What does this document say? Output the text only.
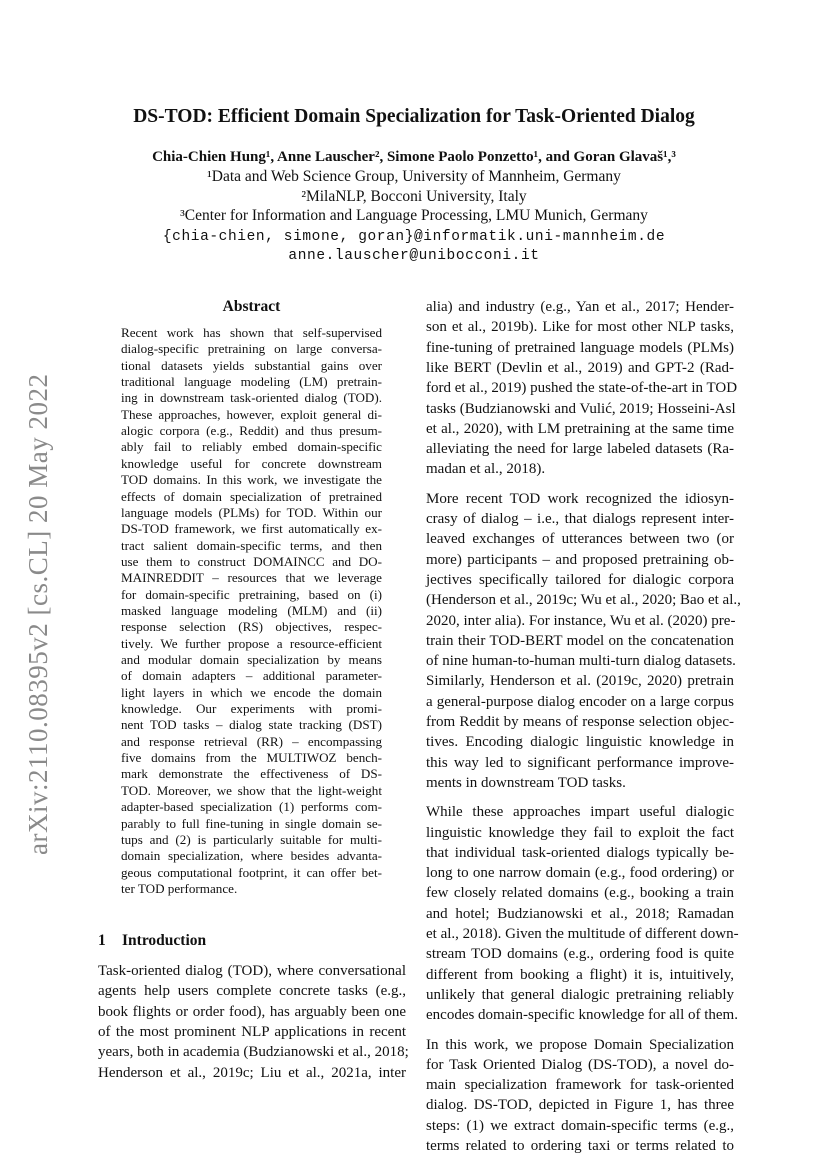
DS-TOD: Efficient Domain Specialization for Task-Oriented Dialog
Chia-Chien Hung¹, Anne Lauscher², Simone Paolo Ponzetto¹, and Goran Glavaš¹,³
¹Data and Web Science Group, University of Mannheim, Germany
²MilaNLP, Bocconi University, Italy
³Center for Information and Language Processing, LMU Munich, Germany
{chia-chien, simone, goran}@informatik.uni-mannheim.de
anne.lauscher@unibocconi.it
arXiv:2110.08395v2 [cs.CL] 20 May 2022
Abstract
Recent work has shown that self-supervised
dialog-specific pretraining on large conversa-
tional datasets yields substantial gains over
traditional language modeling (LM) pretrain-
ing in downstream task-oriented dialog (TOD).
These approaches, however, exploit general di-
alogic corpora (e.g., Reddit) and thus presum-
ably fail to reliably embed domain-specific
knowledge useful for concrete downstream
TOD domains. In this work, we investigate the
effects of domain specialization of pretrained
language models (PLMs) for TOD. Within our
DS-TOD framework, we first automatically ex-
tract salient domain-specific terms, and then
use them to construct DOMAINCC and DO-
MAINREDDIT – resources that we leverage
for domain-specific pretraining, based on (i)
masked language modeling (MLM) and (ii)
response selection (RS) objectives, respec-
tively. We further propose a resource-efficient
and modular domain specialization by means
of domain adapters – additional parameter-
light layers in which we encode the domain
knowledge. Our experiments with promi-
nent TOD tasks – dialog state tracking (DST)
and response retrieval (RR) – encompassing
five domains from the MULTIWOZ bench-
mark demonstrate the effectiveness of DS-
TOD. Moreover, we show that the light-weight
adapter-based specialization (1) performs com-
parably to full fine-tuning in single domain se-
tups and (2) is particularly suitable for multi-
domain specialization, where besides advanta-
geous computational footprint, it can offer bet-
ter TOD performance.
1 Introduction
Task-oriented dialog (TOD), where conversational
agents help users complete concrete tasks (e.g.,
book flights or order food), has arguably been one
of the most prominent NLP applications in recent
years, both in academia (Budzianowski et al., 2018;
Henderson et al., 2019c; Liu et al., 2021a, inter
alia) and industry (e.g., Yan et al., 2017; Hender-
son et al., 2019b). Like for most other NLP tasks,
fine-tuning of pretrained language models (PLMs)
like BERT (Devlin et al., 2019) and GPT-2 (Rad-
ford et al., 2019) pushed the state-of-the-art in TOD
tasks (Budzianowski and Vulić, 2019; Hosseini-Asl
et al., 2020), with LM pretraining at the same time
alleviating the need for large labeled datasets (Ra-
madan et al., 2018).
More recent TOD work recognized the idiosyn-
crasy of dialog – i.e., that dialogs represent inter-
leaved exchanges of utterances between two (or
more) participants – and proposed pretraining ob-
jectives specifically tailored for dialogic corpora
(Henderson et al., 2019c; Wu et al., 2020; Bao et al.,
2020, inter alia). For instance, Wu et al. (2020) pre-
train their TOD-BERT model on the concatenation
of nine human-to-human multi-turn dialog datasets.
Similarly, Henderson et al. (2019c, 2020) pretrain
a general-purpose dialog encoder on a large corpus
from Reddit by means of response selection objec-
tives. Encoding dialogic linguistic knowledge in
this way led to significant performance improve-
ments in downstream TOD tasks.
While these approaches impart useful dialogic
linguistic knowledge they fail to exploit the fact
that individual task-oriented dialogs typically be-
long to one narrow domain (e.g., food ordering) or
few closely related domains (e.g., booking a train
and hotel; Budzianowski et al., 2018; Ramadan
et al., 2018). Given the multitude of different down-
stream TOD domains (e.g., ordering food is quite
different from booking a flight) it is, intuitively,
unlikely that general dialogic pretraining reliably
encodes domain-specific knowledge for all of them.
In this work, we propose Domain Specialization
for Task Oriented Dialog (DS-TOD), a novel do-
main specialization framework for task-oriented
dialog. DS-TOD, depicted in Figure 1, has three
steps: (1) we extract domain-specific terms (e.g.,
terms related to ordering taxi or terms related to
